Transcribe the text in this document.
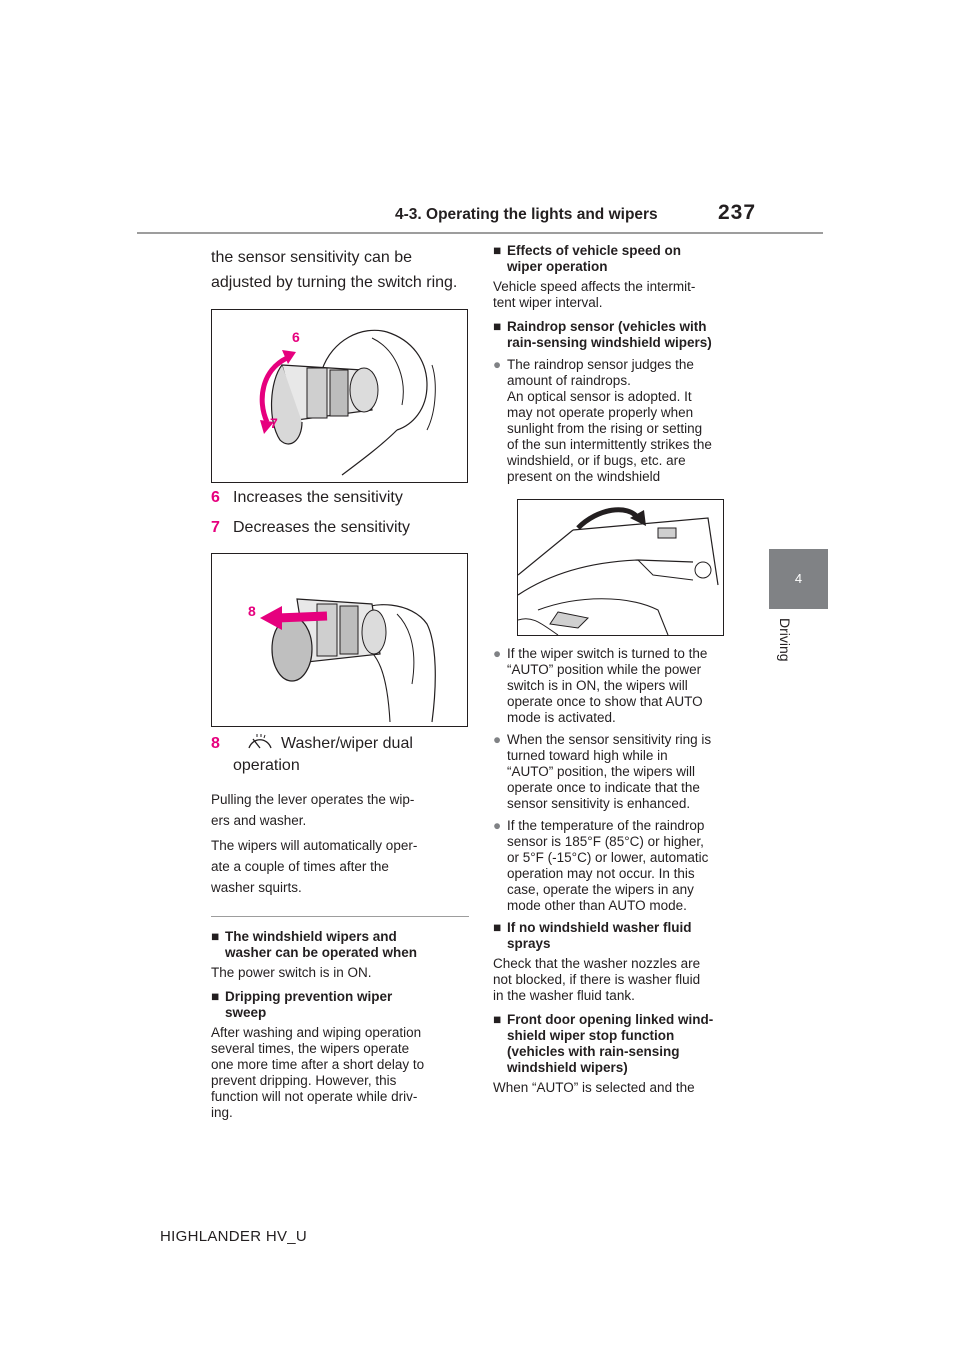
4-3. Operating the lights and wipers	237
4
Driving
HIGHLANDER HV_U

the sensor sensitivity can be adjusted by turning the switch ring.

6
7
6 Increases the sensitivity
7 Decreases the sensitivity
8
8	Washer/wiper dual operation

Pulling the lever operates the wip-
ers and washer.

The wipers will automatically oper-
ate a couple of times after the
washer squirts.

■ The windshield wipers and
washer can be operated when

The power switch is in ON.

■ Dripping prevention wiper
sweep

After washing and wiping operation
several times, the wipers operate
one more time after a short delay to
prevent dripping. However, this
function will not operate while driv-
ing.

■ Effects of vehicle speed on
wiper operation

Vehicle speed affects the intermit-
tent wiper interval.

■ Raindrop sensor (vehicles with
rain-sensing windshield wipers)
● The raindrop sensor judges the
amount of raindrops.
An optical sensor is adopted. It
may not operate properly when
sunlight from the rising or setting
of the sun intermittently strikes the
windshield, or if bugs, etc. are
present on the windshield
● If the wiper switch is turned to the
“AUTO” position while the power
switch is in ON, the wipers will
operate once to show that AUTO
mode is activated.
● When the sensor sensitivity ring is
turned toward high while in
“AUTO” position, the wipers will
operate once to indicate that the
sensor sensitivity is enhanced.
● If the temperature of the raindrop
sensor is 185°F (85°C) or higher,
or 5°F (-15°C) or lower, automatic
operation may not occur. In this
case, operate the wipers in any
mode other than AUTO mode.
■ If no windshield washer fluid
sprays

Check that the washer nozzles are
not blocked, if there is washer fluid
in the washer fluid tank.

■ Front door opening linked wind-
shield wiper stop function
(vehicles with rain-sensing
windshield wipers)

When “AUTO” is selected and the
